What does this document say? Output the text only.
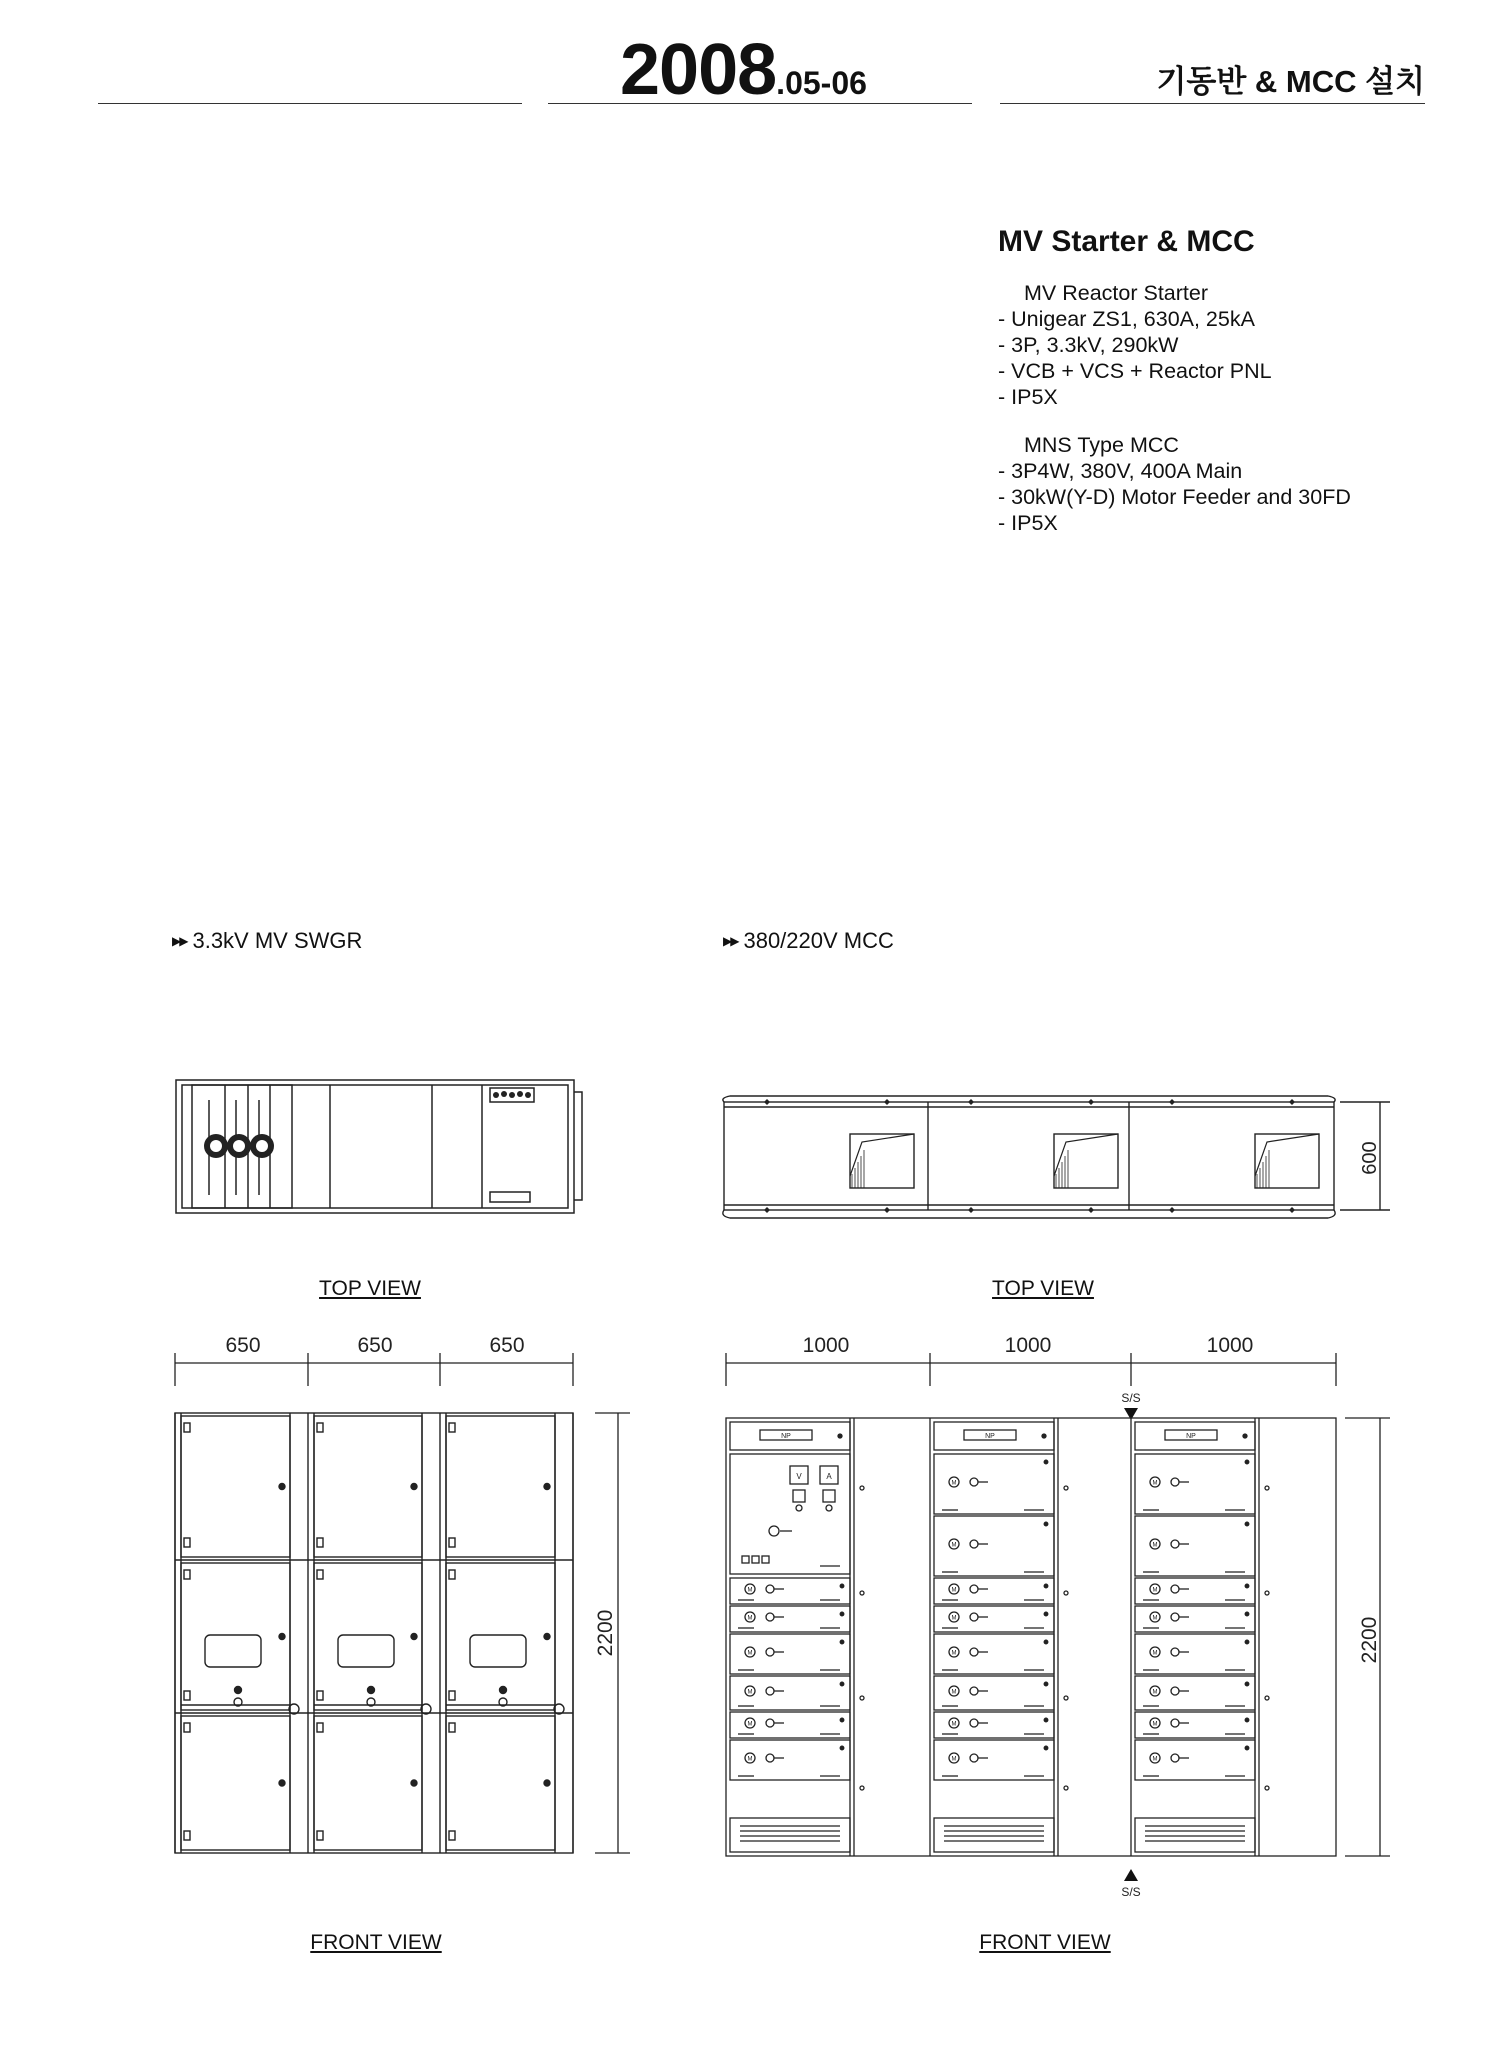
2008.05-06	기동반 & MCC 설치
MV Starter & MCC
MV Reactor Starter
- Unigear ZS1, 630A, 25kA
- 3P, 3.3kV, 290kW
- VCB + VCS + Reactor PNL
- IP5X
MNS Type MCC
- 3P4W, 380V, 400A Main
- 30kW(Y-D) Motor Feeder and 30FD
- IP5X
▶▶ 3.3kV MV SWGR	▶▶ 380/220V MCC
TOP VIEW
650	650	650
2200
FRONT VIEW
600
TOP VIEW
1000	1000	1000
2200
S/S
S/S
NP
V	A
M
M
M
M
M
M
NP
M
M
M
M
M
M
M
M
NP
M
M
M
M
M
M
M
M
FRONT VIEW
